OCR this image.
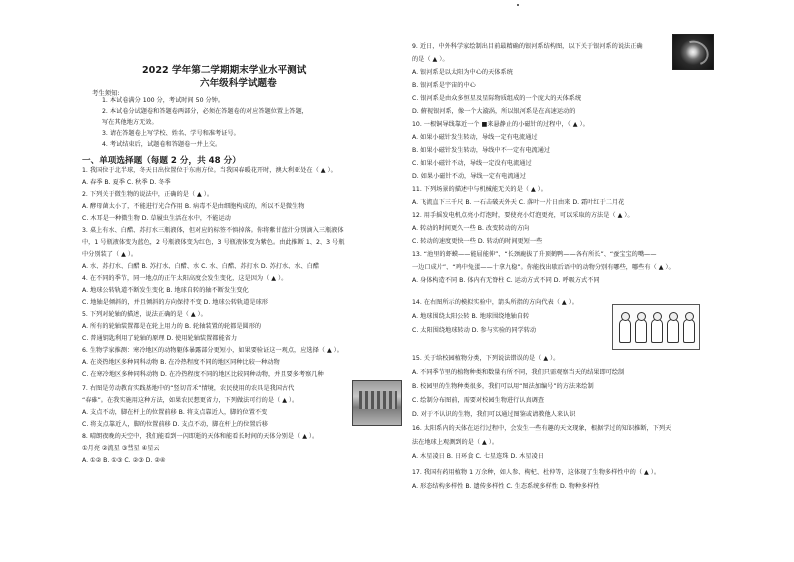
2022 学年第二学期期末学业水平测试
六年级科学试题卷
考生须知:
1. 本试卷满分 100 分，考试时间 50 分钟。
2. 本试卷分试题卷和答题卷两部分，必须在答题卷的对应答题位置上答题，
写在其他地方无效。
3. 请在答题卷上写学校、姓名、学号和准考证号。
4. 考试结束后，试题卷和答题卷一并上交。
一、单项选择题（每题 2 分，共 48 分）
1. 我国位于北半球，冬天日出位置位于东南方位。当我国春暖花开时，澳大利亚处在（ ▲ ）。
A. 春季 B. 夏季 C. 秋季 D. 冬季
2. 下列关于微生物的说法中，正确的是（ ▲ ）。
A. 酵母菌太小了，不能进行光合作用 B. 病毒不是由细胞构成的，所以不是微生物
C. 木耳是一种微生物 D. 草履虫生活在水中，不能运动
3. 桌上有水、白醋、苏打水三瓶液体，但对应的标签不慎掉落。你将紫甘蓝汁分别滴入三瓶液体
中，1 号瓶液体变为蓝色，2 号瓶液体变为红色，3 号瓶液体变为紫色。由此推断 1、2、3 号瓶
中分别装了（ ▲ ）。
A. 水、苏打水、白醋 B. 苏打水、白醋、水 C. 水、白醋、苏打水 D. 苏打水、水、白醋
4. 在不同的季节，同一地点的正午太阳高度会发生变化，这是因为（ ▲ ）。
A. 地球公转轨道不断发生变化 B. 地球自转的轴不断发生变化
C. 地轴是倾斜的，并且倾斜的方向保持不变 D. 地球公转轨道是球形
5. 下列对轮轴的描述，说法正确的是（ ▲ ）。
A. 所有的轮轴装置都是在轮上用力的 B. 轮轴装置的轮都是圆形的
C. 普通钥匙利用了轮轴的原理 D. 使用轮轴装置都能省力
6. 生物学家推测：寒冷地区的动物躯体暴露部分更短小，如果要验证这一观点，应选择（ ▲ ）。
A. 在炎热地区多种同科动物 B. 在冷热程度不同的地区同种比较一种动物
C. 在寒冷地区多种同科动物 D. 在冷热程度不同的地区比较同种动物，并且要多考察几种
7. 右图是劳动教育实践基地中的“竖切青禾”情境，农民使用的农具是我国古代
“春碓”。在我实施用这种方法，如果农民想更省力，下列做法可行的是（ ▲ ）。
A. 支点不动，脚在杆上的位置前移 B. 将支点靠近人，脚的位置不变
C. 将支点靠近人，脚的位置前移 D. 支点不动，脚在杆上的位置后移
8. 晴朗夜晚的天空中，我们能看到一闪即逝的天体和能看长时间的天体分别是（ ▲ ）。
①月亮 ②流星 ③彗星 ④星云
A. ①② B. ①③ C. ②③ D. ②④
9. 近日，中外科学家绘制出目前最精确的银河系结构图，以下关于银河系的说法正确
的是（ ▲ ）。
A. 银河系是以太阳为中心的天体系统
B. 银河系是宇宙的中心
C. 银河系是由众多恒星及星际物质组成的一个庞大的天体系统
D. 俯视银河系，像一个大漩涡，所以银河系是在高速运动的
10. 一根铜导线靠近一个 ■来悬静止的小磁针的过程中，（ ▲ ）。
A. 如果小磁针发生转动，导线一定有电流通过
B. 如果小磁针发生转动，导线中不一定有电流通过
C. 如果小磁针不动，导线一定没有电流通过
D. 如果小磁针不动，导线一定有电流通过
11. 下列场景的描述中与机械能无关的是（ ▲ ）。
A. 飞流直下三千尺 B. 一石击破天外天 C. 落叶一片日由来 D. 霜叶红于二月花
12. 用手摇发电机点亮小灯泡时，要使亮小灯泡更亮，可以采取的方法是（ ▲ ）。
A. 转动的时间更久一些 B. 改变转动的方向
C. 转动的速度更快一些 D. 转动的时间更短一些
13. “池里的虾蟆——能屈能伸”、“长颈鹿拔了升顶鹤鸭——各有所长”、“蚕宝宝的嘴——
一边口成片”、“鸡中兔蛋——十拿九稳”。你能找出歇后语中的动物分别有哪些，哪些有（ ▲ ）。
A. 身体构造不同 B. 体内有无脊柱 C. 运动方式不同 D. 呼吸方式不同
14. 在右图所示的模拟实验中，箭头所指的方向代表（ ▲ ）。
A. 地球围绕太阳公转 B. 地球围绕地轴自转
C. 太阳围绕地球转动 D. 参与实验的同学转动
15. 关于给校园植物分类，下列说法错误的是（ ▲ ）。
A. 不同季节里的植物种类和数量有所不同，我们只需观察当天的结果即可绘制
B. 校园里的生物种类很多，我们可以用“图法加编号”的方法来绘制
C. 绘制分布图前，需要对校园生物进行认真调查
D. 对于不认识的生物，我们可以通过图鉴或请教他人来认识
16. 太阳系内的天体在运行过程中，会发生一些有趣的天文现象，根据学过的知识推断，下列天
法在地球上观测到的是（ ▲ ）。
A. 木星凌日 B. 日环食 C. 七星连珠 D. 木星凌日
17. 我国有药用植物 1 万余种，如人参、枸杞、杜仲等，这体现了生物多样性中的（ ▲ ）。
A. 形态结构多样性 B. 遗传多样性 C. 生态系统多样性 D. 物种多样性
